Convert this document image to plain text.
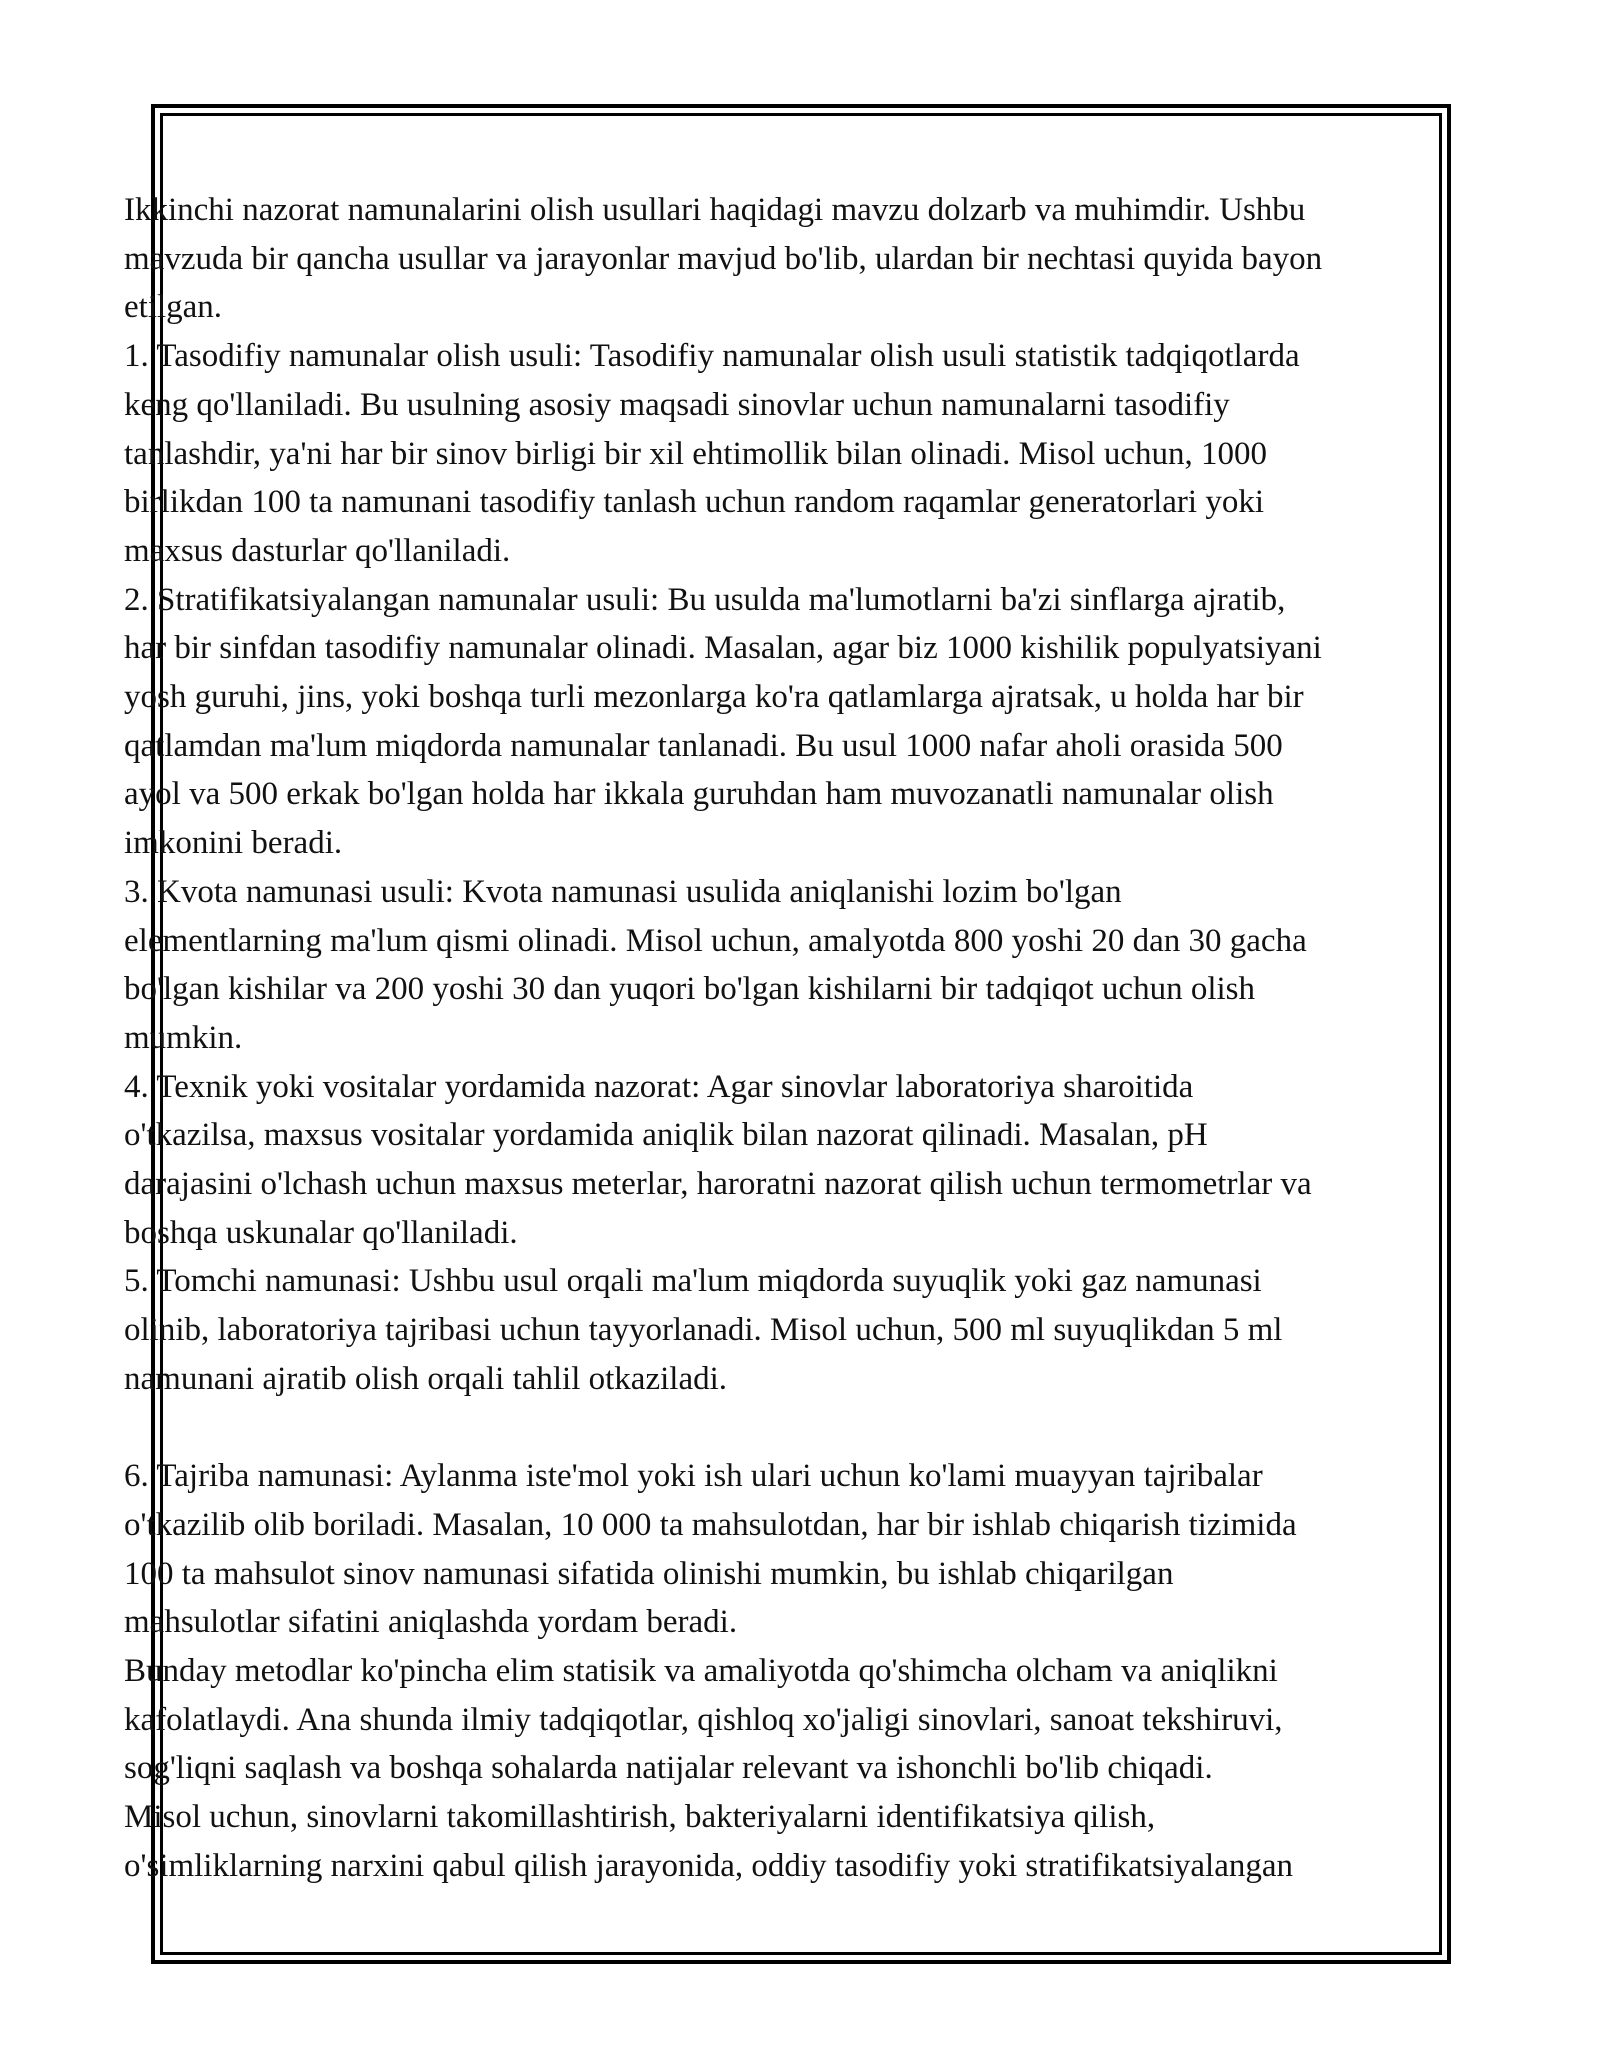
Ikkinchi nazorat namunalarini olish usullari haqidagi mavzu dolzarb va muhimdir. Ushbu

mavzuda bir qancha usullar va jarayonlar mavjud bo'lib, ulardan bir nechtasi quyida bayon

etilgan.

1. Tasodifiy namunalar olish usuli: Tasodifiy namunalar olish usuli statistik tadqiqotlarda

keng qo'llaniladi. Bu usulning asosiy maqsadi sinovlar uchun namunalarni tasodifiy

tanlashdir, ya'ni har bir sinov birligi bir xil ehtimollik bilan olinadi. Misol uchun, 1000

birlikdan 100 ta namunani tasodifiy tanlash uchun random raqamlar generatorlari yoki

maxsus dasturlar qo'llaniladi.

2. Stratifikatsiyalangan namunalar usuli: Bu usulda ma'lumotlarni ba'zi sinflarga ajratib,

har bir sinfdan tasodifiy namunalar olinadi. Masalan, agar biz 1000 kishilik populyatsiyani

yosh guruhi, jins, yoki boshqa turli mezonlarga ko'ra qatlamlarga ajratsak, u holda har bir

qatlamdan ma'lum miqdorda namunalar tanlanadi. Bu usul 1000 nafar aholi orasida 500

ayol va 500 erkak bo'lgan holda har ikkala guruhdan ham muvozanatli namunalar olish

imkonini beradi.

3. Kvota namunasi usuli: Kvota namunasi usulida aniqlanishi lozim bo'lgan

elementlarning ma'lum qismi olinadi. Misol uchun, amalyotda 800 yoshi 20 dan 30 gacha

bo'lgan kishilar va 200 yoshi 30 dan yuqori bo'lgan kishilarni bir tadqiqot uchun olish

mumkin.

4. Texnik yoki vositalar yordamida nazorat: Agar sinovlar laboratoriya sharoitida

o'tkazilsa, maxsus vositalar yordamida aniqlik bilan nazorat qilinadi. Masalan, pH

darajasini o'lchash uchun maxsus meterlar, haroratni nazorat qilish uchun termometrlar va

boshqa uskunalar qo'llaniladi.

5. Tomchi namunasi: Ushbu usul orqali ma'lum miqdorda suyuqlik yoki gaz namunasi

olinib, laboratoriya tajribasi uchun tayyorlanadi. Misol uchun, 500 ml suyuqlikdan 5 ml

namunani ajratib olish orqali tahlil otkaziladi.

6. Tajriba namunasi: Aylanma iste'mol yoki ish ulari uchun ko'lami muayyan tajribalar

o'tkazilib olib boriladi. Masalan, 10 000 ta mahsulotdan, har bir ishlab chiqarish tizimida

100 ta mahsulot sinov namunasi sifatida olinishi mumkin, bu ishlab chiqarilgan

mahsulotlar sifatini aniqlashda yordam beradi.

Bunday metodlar ko'pincha elim statisik va amaliyotda qo'shimcha olcham va aniqlikni

kafolatlaydi. Ana shunda ilmiy tadqiqotlar, qishloq xo'jaligi sinovlari, sanoat tekshiruvi,

sog'liqni saqlash va boshqa sohalarda natijalar relevant va ishonchli bo'lib chiqadi.

Misol uchun, sinovlarni takomillashtirish, bakteriyalarni identifikatsiya qilish,

o'simliklarning narxini qabul qilish jarayonida, oddiy tasodifiy yoki stratifikatsiyalangan
